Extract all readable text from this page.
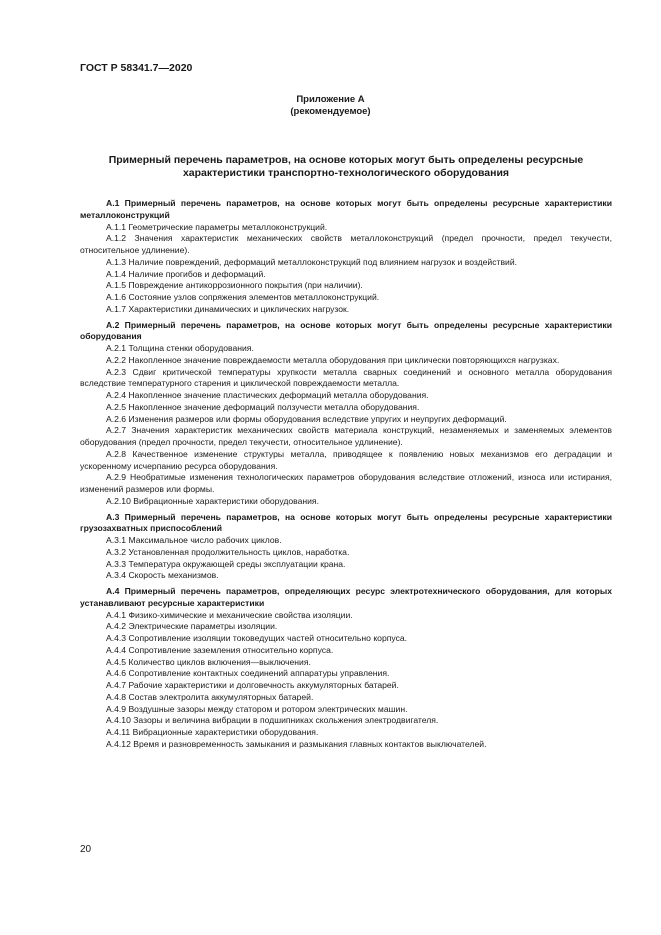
ГОСТ Р 58341.7—2020
Приложение А
(рекомендуемое)
Примерный перечень параметров, на основе которых могут быть определены ресурсные характеристики транспортно-технологического оборудования

А.1 Примерный перечень параметров, на основе которых могут быть определены ресурсные характеристики металлоконструкций

А.1.1 Геометрические параметры металлоконструкций.

А.1.2 Значения характеристик механических свойств металлоконструкций (предел прочности, предел текучести, относительное удлинение).

А.1.3 Наличие повреждений, деформаций металлоконструкций под влиянием нагрузок и воздействий.

А.1.4 Наличие прогибов и деформаций.

А.1.5 Повреждение антикоррозионного покрытия (при наличии).

А.1.6 Состояние узлов сопряжения элементов металлоконструкций.

А.1.7 Характеристики динамических и циклических нагрузок.

А.2 Примерный перечень параметров, на основе которых могут быть определены ресурсные характеристики оборудования

А.2.1 Толщина стенки оборудования.

А.2.2 Накопленное значение повреждаемости металла оборудования при циклически повторяющихся нагрузках.

А.2.3 Сдвиг критической температуры хрупкости металла сварных соединений и основного металла оборудования вследствие температурного старения и циклической повреждаемости металла.

А.2.4 Накопленное значение пластических деформаций металла оборудования.

А.2.5 Накопленное значение деформаций ползучести металла оборудования.

А.2.6 Изменения размеров или формы оборудования вследствие упругих и неупругих деформаций.

А.2.7 Значения характеристик механических свойств материала конструкций, незаменяемых и заменяемых элементов оборудования (предел прочности, предел текучести, относительное удлинение).

А.2.8 Качественное изменение структуры металла, приводящее к появлению новых механизмов его деградации и ускоренному исчерпанию ресурса оборудования.

А.2.9 Необратимые изменения технологических параметров оборудования вследствие отложений, износа или истирания, изменений размеров или формы.

А.2.10 Вибрационные характеристики оборудования.

А.3 Примерный перечень параметров, на основе которых могут быть определены ресурсные характеристики грузозахватных приспособлений

А.3.1 Максимальное число рабочих циклов.

А.3.2 Установленная продолжительность циклов, наработка.

А.3.3 Температура окружающей среды эксплуатации крана.

А.3.4 Скорость механизмов.

А.4 Примерный перечень параметров, определяющих ресурс электротехнического оборудования, для которых устанавливают ресурсные характеристики

А.4.1 Физико-химические и механические свойства изоляции.

А.4.2 Электрические параметры изоляции.

А.4.3 Сопротивление изоляции токоведущих частей относительно корпуса.

А.4.4 Сопротивление заземления относительно корпуса.

А.4.5 Количество циклов включения—выключения.

А.4.6 Сопротивление контактных соединений аппаратуры управления.

А.4.7 Рабочие характеристики и долговечность аккумуляторных батарей.

А.4.8 Состав электролита аккумуляторных батарей.

А.4.9 Воздушные зазоры между статором и ротором электрических машин.

А.4.10 Зазоры и величина вибрации в подшипниках скольжения электродвигателя.

А.4.11 Вибрационные характеристики оборудования.

А.4.12 Время и разновременность замыкания и размыкания главных контактов выключателей.

20
